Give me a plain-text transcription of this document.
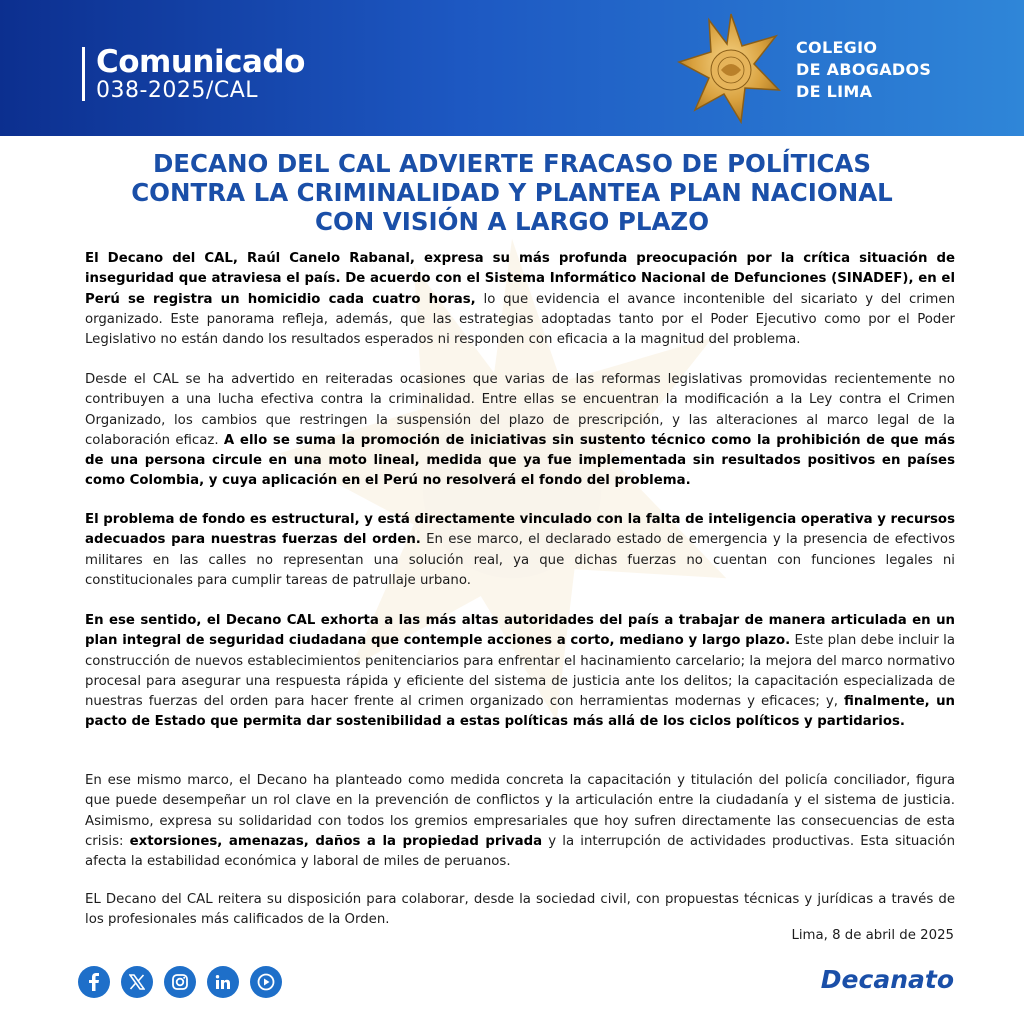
Comunicado
038-2025/CAL
COLEGIO
DE ABOGADOS
DE LIMA
DECANO DEL CAL ADVIERTE FRACASO DE POLÍTICAS
CONTRA LA CRIMINALIDAD Y PLANTEA PLAN NACIONAL
CON VISIÓN A LARGO PLAZO

El Decano del CAL, Raúl Canelo Rabanal, expresa su más profunda preocupación por la crítica situación de inseguridad que atraviesa el país. De acuerdo con el Sistema Informático Nacional de Defunciones (SINADEF), en el Perú se registra un homicidio cada cuatro horas, lo que evidencia el avance incontenible del sicariato y del crimen organizado. Este panorama refleja, además, que las estrategias adoptadas tanto por el Poder Ejecutivo como por el Poder Legislativo no están dando los resultados esperados ni responden con eficacia a la magnitud del problema.

Desde el CAL se ha advertido en reiteradas ocasiones que varias de las reformas legislativas promovidas recientemente no contribuyen a una lucha efectiva contra la criminalidad. Entre ellas se encuentran la modificación a la Ley contra el Crimen Organizado, los cambios que restringen la suspensión del plazo de prescripción, y las alteraciones al marco legal de la colaboración eficaz. A ello se suma la promoción de iniciativas sin sustento técnico como la prohibición de que más de una persona circule en una moto lineal, medida que ya fue implementada sin resultados positivos en países como Colombia, y cuya aplicación en el Perú no resolverá el fondo del problema.

El problema de fondo es estructural, y está directamente vinculado con la falta de inteligencia operativa y recursos adecuados para nuestras fuerzas del orden. En ese marco, el declarado estado de emergencia y la presencia de efectivos militares en las calles no representan una solución real, ya que dichas fuerzas no cuentan con funciones legales ni constitucionales para cumplir tareas de patrullaje urbano.

En ese sentido, el Decano CAL exhorta a las más altas autoridades del país a trabajar de manera articulada en un plan integral de seguridad ciudadana que contemple acciones a corto, mediano y largo plazo. Este plan debe incluir la construcción de nuevos establecimientos penitenciarios para enfrentar el hacinamiento carcelario; la mejora del marco normativo procesal para asegurar una respuesta rápida y eficiente del sistema de justicia ante los delitos; la capacitación especializada de nuestras fuerzas del orden para hacer frente al crimen organizado con herramientas modernas y eficaces; y, finalmente, un pacto de Estado que permita dar sostenibilidad a estas políticas más allá de los ciclos políticos y partidarios.

En ese mismo marco, el Decano ha planteado como medida concreta la capacitación y titulación del policía conciliador, figura que puede desempeñar un rol clave en la prevención de conflictos y la articulación entre la ciudadanía y el sistema de justicia. Asimismo, expresa su solidaridad con todos los gremios empresariales que hoy sufren directamente las consecuencias de esta crisis: extorsiones, amenazas, daños a la propiedad privada y la interrupción de actividades productivas. Esta situación afecta la estabilidad económica y laboral de miles de peruanos.

EL Decano del CAL reitera su disposición para colaborar, desde la sociedad civil, con propuestas técnicas y jurídicas a través de los profesionales más calificados de la Orden.

Lima, 8 de abril de 2025
Decanato
